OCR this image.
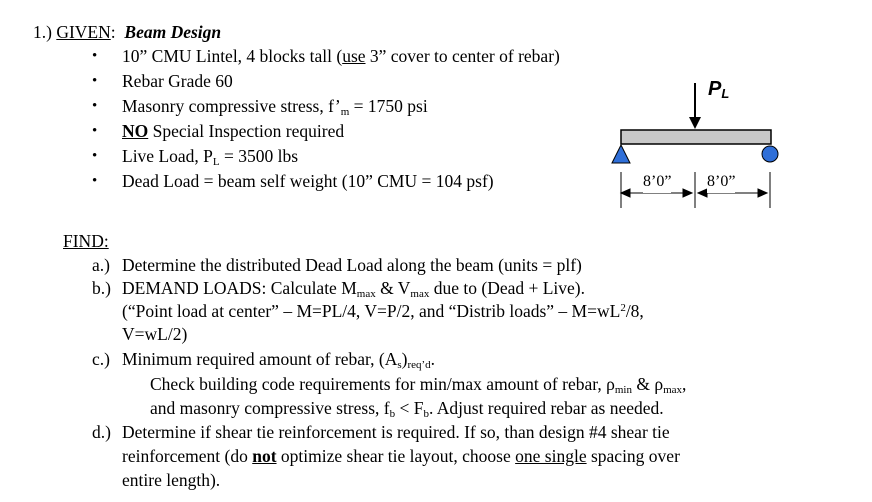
1.) GIVEN: Beam Design
• 10” CMU Lintel, 4 blocks tall (use 3” cover to center of rebar)
• Rebar Grade 60
• Masonry compressive stress, $f’_m = 1750$ psi
• NO Special Inspection required
• Live Load, $P_L = 3500$ lbs
• Dead Load = beam self weight (10” CMU = 104 psf)
$P_L$
8’0” 8’0”
FIND:
a.) Determine the distributed Dead Load along the beam (units = plf)
b.) DEMAND LOADS: Calculate $M_{max}$ & $V_{max}$ due to (Dead + Live).
(“Point load at center” – M=PL/4, V=P/2, and “Distrib loads” – $M=wL^2/8$,
V=wL/2)
c.) Minimum required amount of rebar, $(A_s)_{req’d}$.
Check building code requirements for min/max amount of rebar, $\rho_{min}$ & $\rho_{max}$,
and masonry compressive stress, $f_b < F_b$. Adjust required rebar as needed.
d.) Determine if shear tie reinforcement is required. If so, than design #4 shear tie
reinforcement (do not optimize shear tie layout, choose one single spacing over
entire length).
